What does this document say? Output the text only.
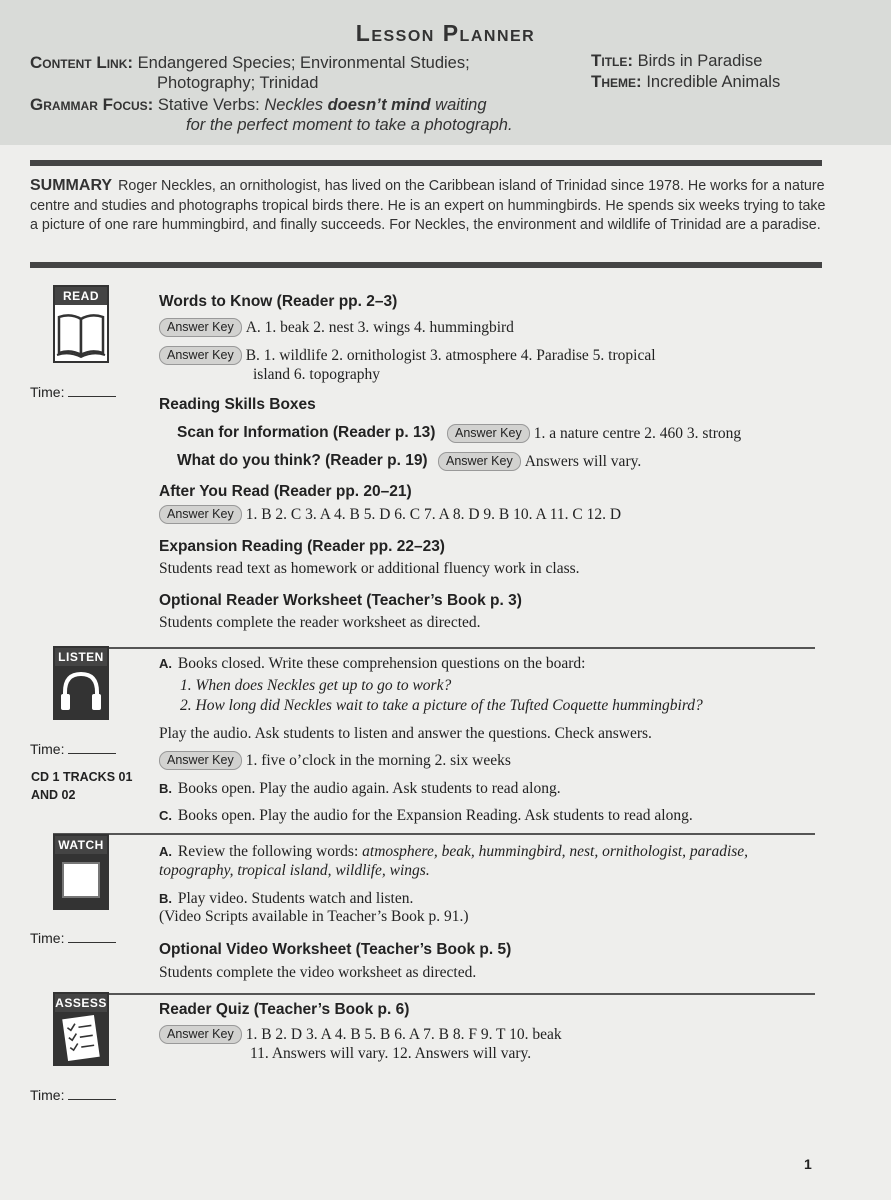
Lesson Planner
Content Link: Endangered Species; Environmental Studies;
Photography; Trinidad
Grammar Focus: Stative Verbs: Neckles doesn’t mind waiting
for the perfect moment to take a photograph.
Title: Birds in Paradise
Theme: Incredible Animals
SUMMARY Roger Neckles, an ornithologist, has lived on the Caribbean island of Trinidad since 1978. He works for a nature centre and studies and photographs tropical birds there. He is an expert on hummingbirds. He spends six weeks trying to take a picture of one rare hummingbird, and finally succeeds. For Neckles, the environment and wildlife of Trinidad are a paradise.
READ
Time:
Words to Know (Reader pp. 2–3)
Answer Key A. 1. beak 2. nest 3. wings 4. hummingbird
Answer Key B. 1. wildlife 2. ornithologist 3. atmosphere 4. Paradise 5. tropical
island 6. topography
Reading Skills Boxes
Scan for Information (Reader p. 13)	Answer Key 1. a nature centre 2. 460 3. strong
What do you think? (Reader p. 19)	Answer Key Answers will vary.
After You Read (Reader pp. 20–21)
Answer Key 1. B 2. C 3. A 4. B 5. D 6. C 7. A 8. D 9. B 10. A 11. C 12. D
Expansion Reading (Reader pp. 22–23)
Students read text as homework or additional fluency work in class.
Optional Reader Worksheet (Teacher’s Book p. 3)
Students complete the reader worksheet as directed.
LISTEN
Time:
CD 1 TRACKS 01
AND 02
A. Books closed. Write these comprehension questions on the board:
1. When does Neckles get up to go to work?
2. How long did Neckles wait to take a picture of the Tufted Coquette hummingbird?
Play the audio. Ask students to listen and answer the questions. Check answers.
Answer Key 1. five o’clock in the morning 2. six weeks
B. Books open. Play the audio again. Ask students to read along.
C. Books open. Play the audio for the Expansion Reading. Ask students to read along.
WATCH
Time:
A. Review the following words: atmosphere, beak, hummingbird, nest, ornithologist, paradise,
topography, tropical island, wildlife, wings.
B. Play video. Students watch and listen.
(Video Scripts available in Teacher’s Book p. 91.)
Optional Video Worksheet (Teacher’s Book p. 5)
Students complete the video worksheet as directed.
ASSESS
Time:
Reader Quiz (Teacher’s Book p. 6)
Answer Key 1. B 2. D 3. A 4. B 5. B 6. A 7. B 8. F 9. T 10. beak
11. Answers will vary. 12. Answers will vary.
1
